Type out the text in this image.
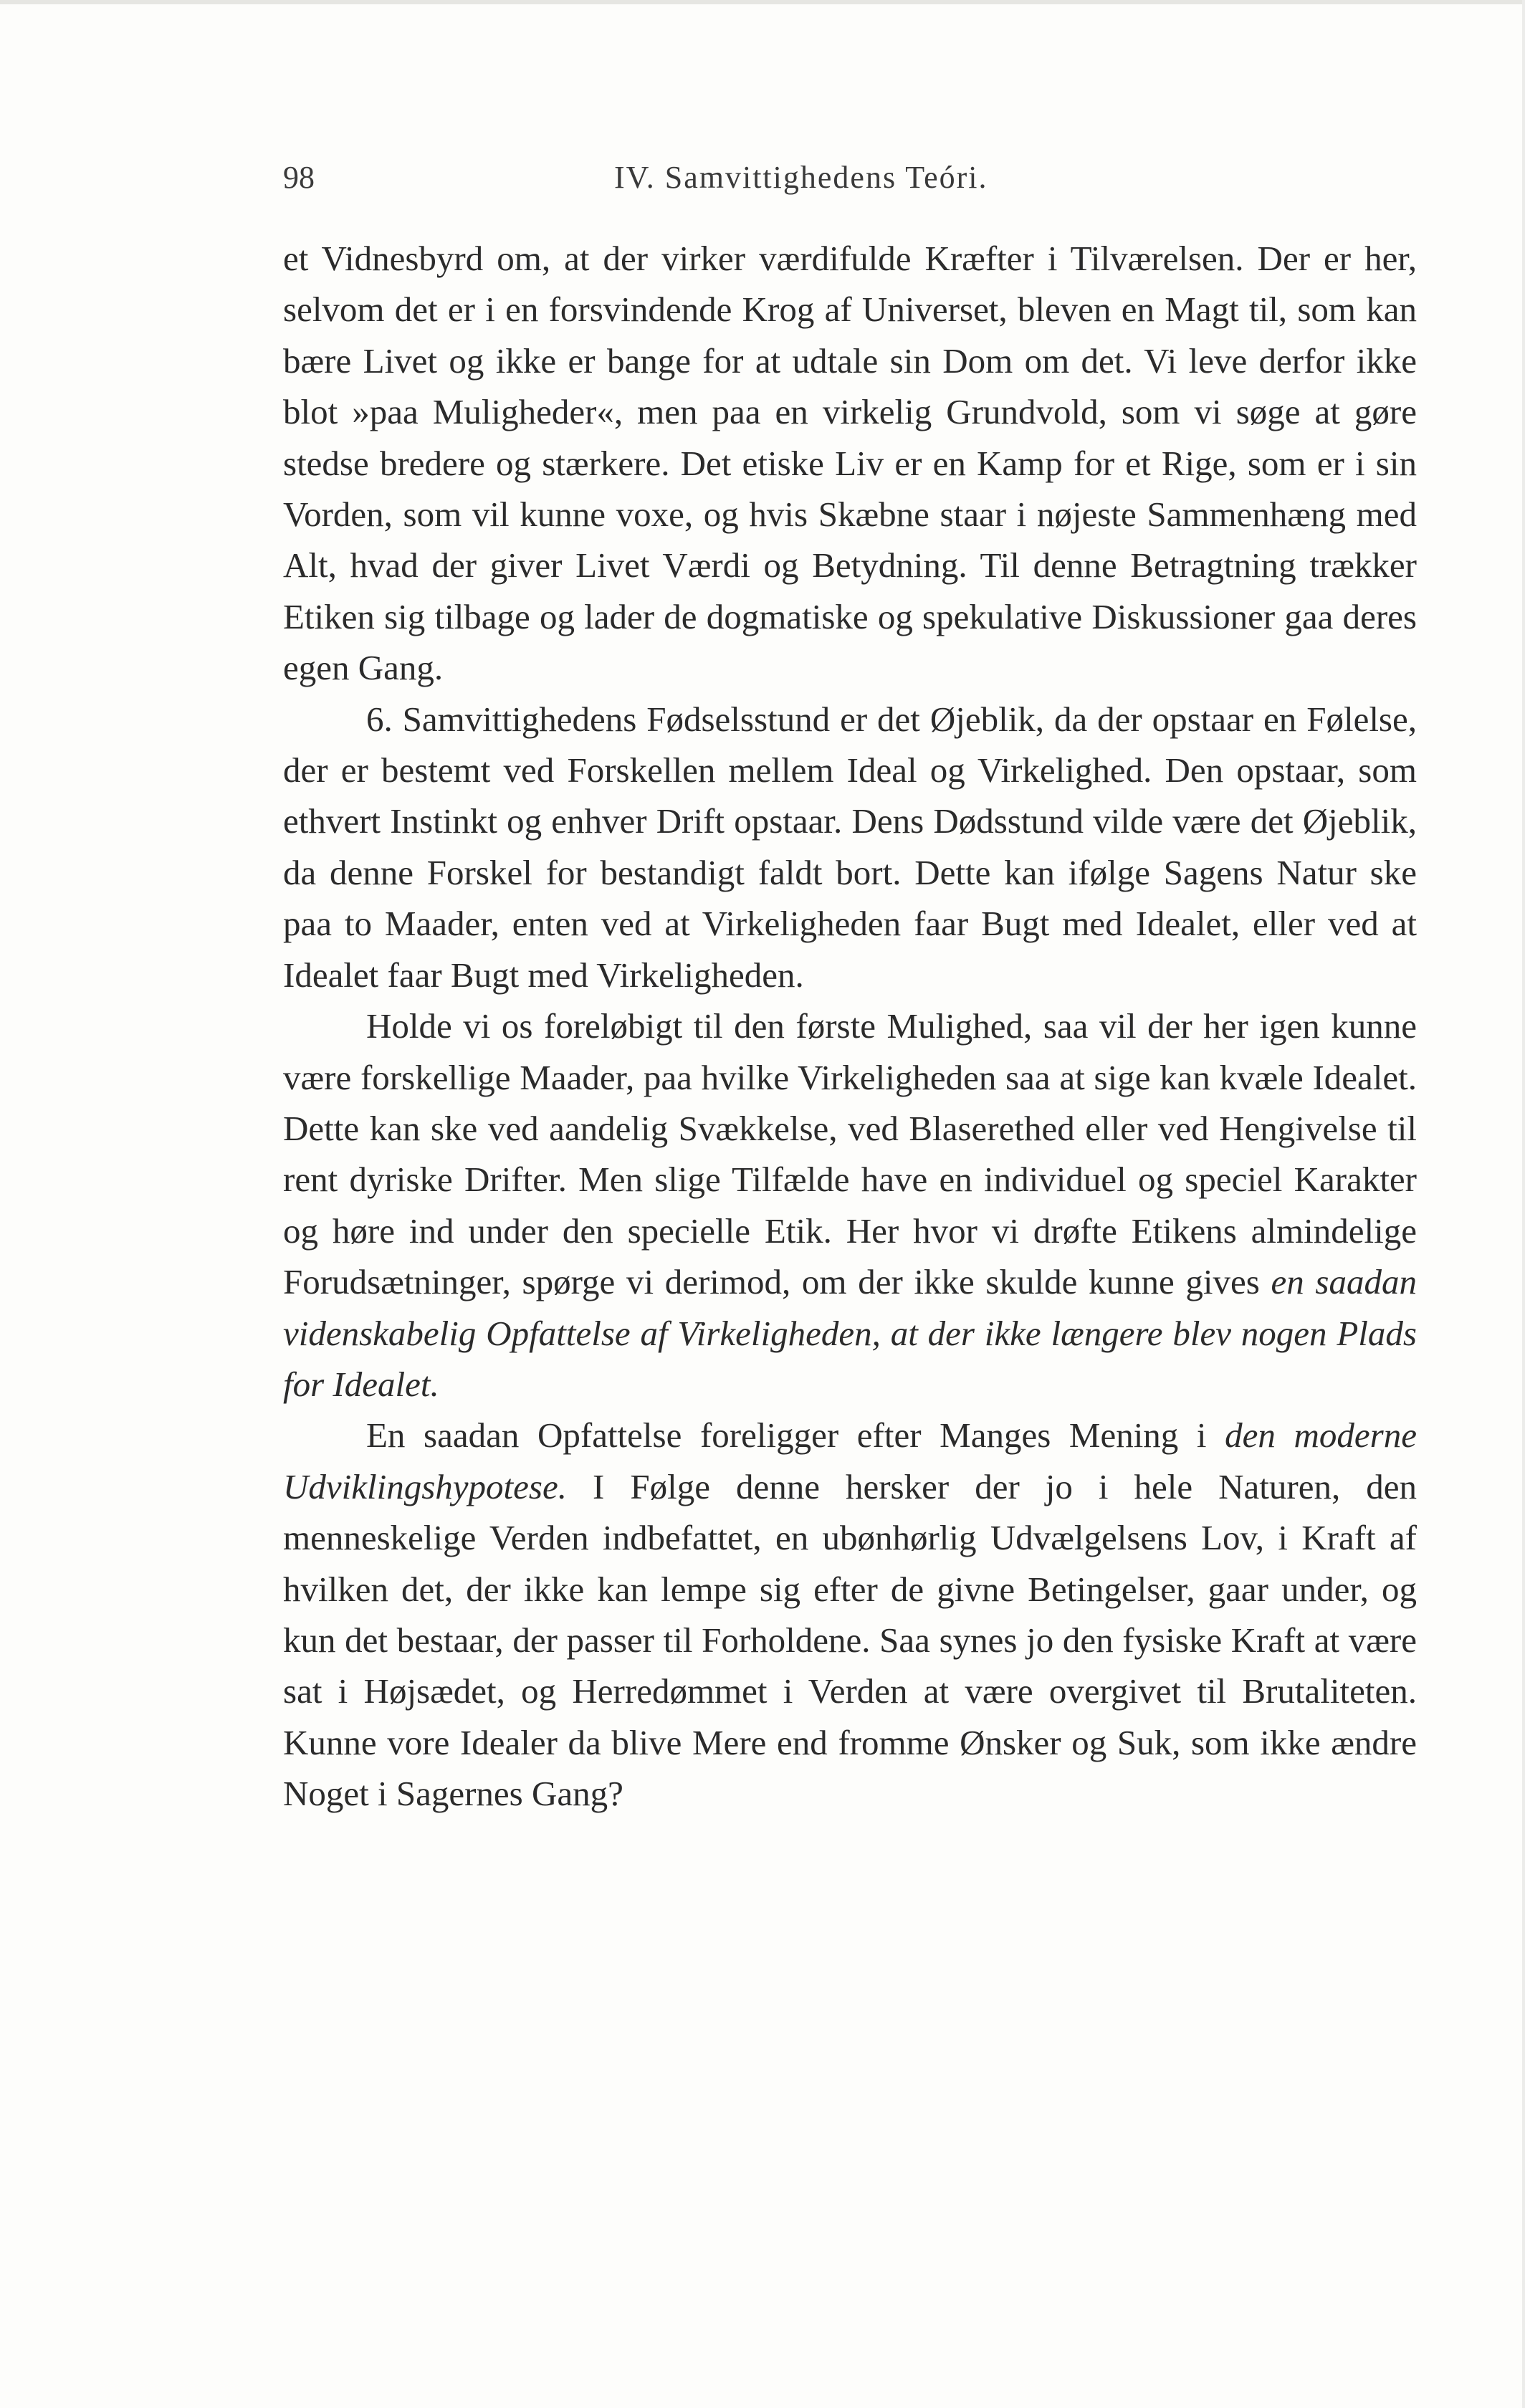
98	IV. Samvittighedens Teóri.

et Vidnesbyrd om, at der virker værdifulde Kræfter i Tilværelsen. Der er her, selvom det er i en forsvindende Krog af Universet, bleven en Magt til, som kan bære Livet og ikke er bange for at udtale sin Dom om det. Vi leve derfor ikke blot »paa Muligheder«, men paa en virkelig Grundvold, som vi søge at gøre stedse bredere og stærkere. Det etiske Liv er en Kamp for et Rige, som er i sin Vorden, som vil kunne voxe, og hvis Skæbne staar i nøjeste Sammenhæng med Alt, hvad der giver Livet Værdi og Betydning. Til denne Betragtning trækker Etiken sig tilbage og lader de dogmatiske og spekulative Diskussioner gaa deres egen Gang.

6. Samvittighedens Fødselsstund er det Øjeblik, da der opstaar en Følelse, der er bestemt ved Forskellen mellem Ideal og Virkelighed. Den opstaar, som ethvert Instinkt og enhver Drift opstaar. Dens Dødsstund vilde være det Øjeblik, da denne Forskel for bestandigt faldt bort. Dette kan ifølge Sagens Natur ske paa to Maader, enten ved at Virkeligheden faar Bugt med Idealet, eller ved at Idealet faar Bugt med Virkeligheden.

Holde vi os foreløbigt til den første Mulighed, saa vil der her igen kunne være forskellige Maader, paa hvilke Virkeligheden saa at sige kan kvæle Idealet. Dette kan ske ved aandelig Svækkelse, ved Blaserethed eller ved Hengivelse til rent dyriske Drifter. Men slige Tilfælde have en individuel og speciel Karakter og høre ind under den specielle Etik. Her hvor vi drøfte Etikens almindelige Forudsætninger, spørge vi derimod, om der ikke skulde kunne gives en saadan videnskabelig Opfattelse af Virkeligheden, at der ikke længere blev nogen Plads for Idealet.

En saadan Opfattelse foreligger efter Manges Mening i den moderne Udviklingshypotese. I Følge denne hersker der jo i hele Naturen, den menneskelige Verden indbefattet, en ubønhørlig Udvælgelsens Lov, i Kraft af hvilken det, der ikke kan lempe sig efter de givne Betingelser, gaar under, og kun det bestaar, der passer til Forholdene. Saa synes jo den fysiske Kraft at være sat i Højsædet, og Herredømmet i Verden at være overgivet til Brutaliteten. Kunne vore Idealer da blive Mere end fromme Ønsker og Suk, som ikke ændre Noget i Sagernes Gang?
